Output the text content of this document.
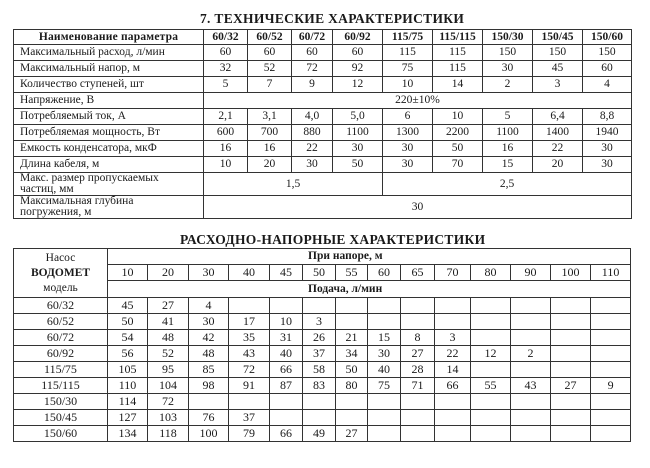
7. ТЕХНИЧЕСКИЕ ХАРАКТЕРИСТИКИ
Наименование параметра	60/32	60/52	60/72	60/92	115/75	115/115	150/30	150/45	150/60
Максимальный расход, л/мин	60	60	60	60	115	115	150	150	150
Максимальный напор, м	32	52	72	92	75	115	30	45	60
Количество ступеней, шт	5	7	9	12	10	14	2	3	4
Напряжение, В	220±10%								
Потребляемый ток, А	2,1	3,1	4,0	5,0	6	10	5	6,4	8,8
Потребляемая мощность, Вт	600	700	880	1100	1300	2200	1100	1400	1940
Емкость конденсатора, мкФ	16	16	22	30	30	50	16	22	30
Длина кабеля, м	10	20	30	50	30	70	15	20	30

Макс. размер пропускаемых
частиц, мм	1,5				2,5				

Максимальная глубина
погружения, м	30								
РАСХОДНО-НАПОРНЫЕ ХАРАКТЕРИСТИКИ
Насос
ВОДОМЕТ
модель	При напоре, м													
	10	20	30	40	45	50	55	60	65	70	80	90	100	110
	Подача, л/мин													
60/32	45	27	4											
60/52	50	41	30	17	10	3								
60/72	54	48	42	35	31	26	21	15	8	3				
60/92	56	52	48	43	40	37	34	30	27	22	12	2		
115/75	105	95	85	72	66	58	50	40	28	14				
115/115	110	104	98	91	87	83	80	75	71	66	55	43	27	9
150/30	114	72												
150/45	127	103	76	37										
150/60	134	118	100	79	66	49	27							
